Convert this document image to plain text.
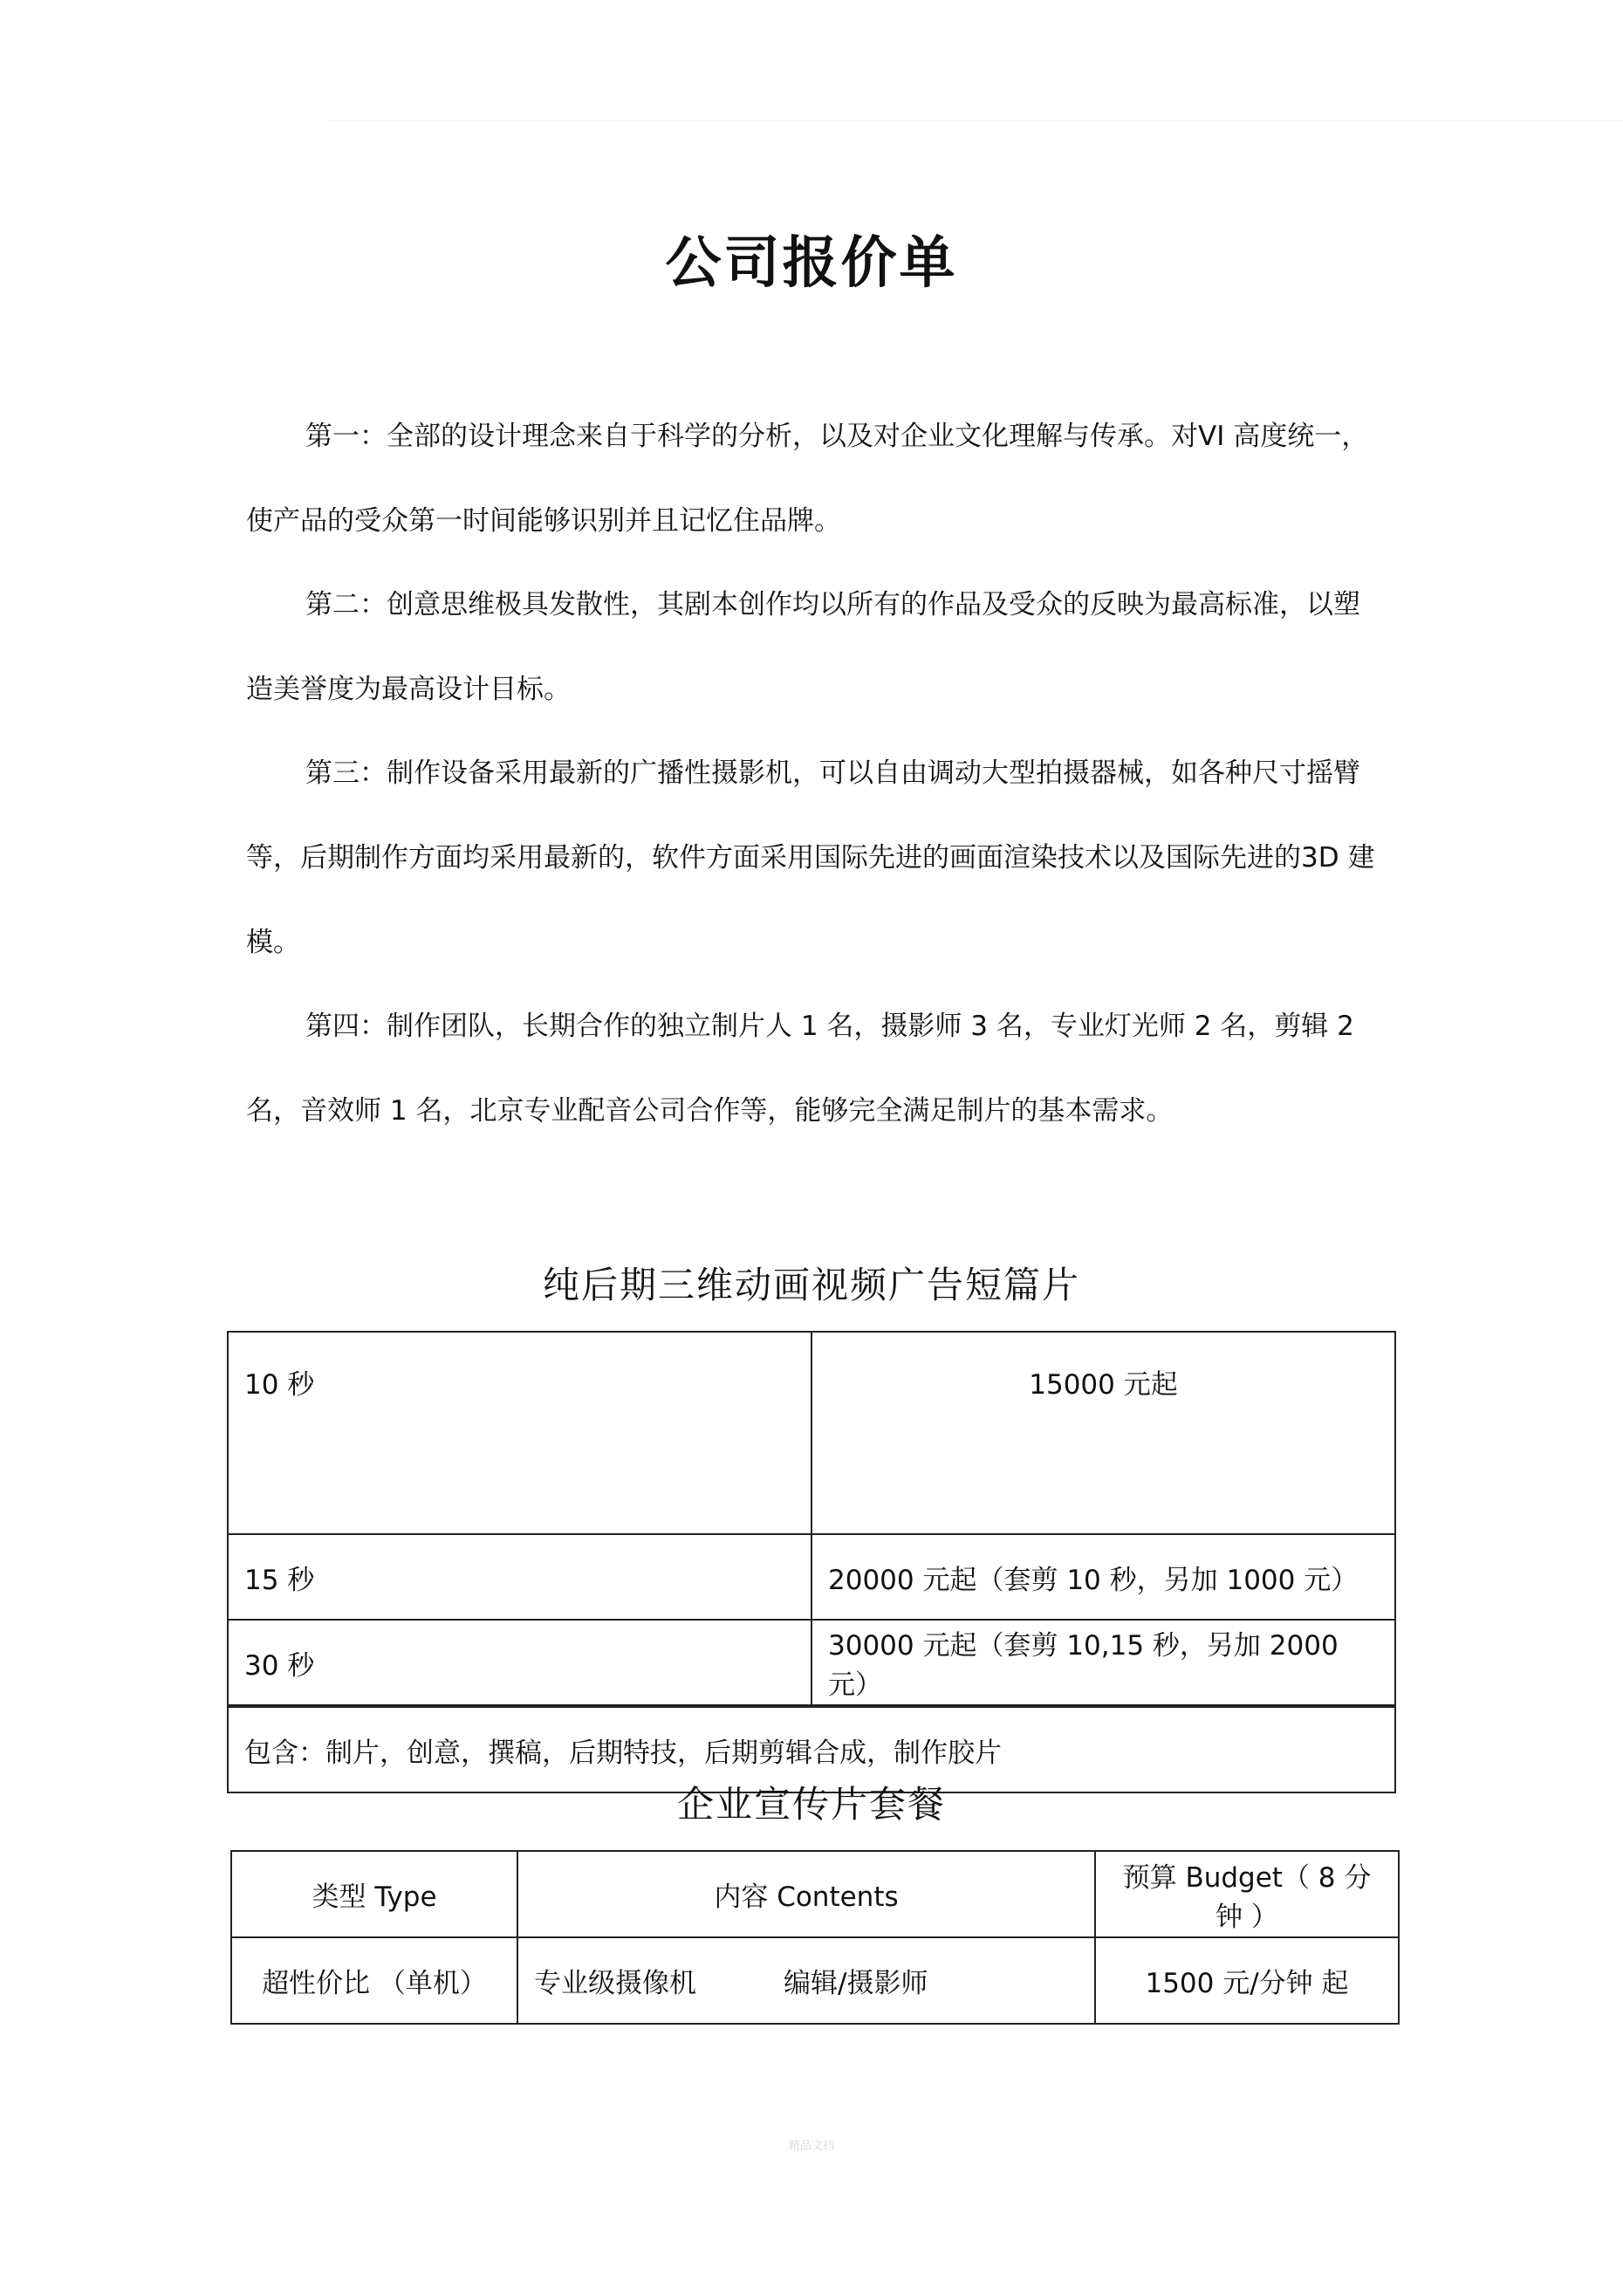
公司报价单

第一：全部的设计理念来自于科学的分析，以及对企业文化理解与传承。对VI 高度统一，使产品的受众第一时间能够识别并且记忆住品牌。

第二：创意思维极具发散性，其剧本创作均以所有的作品及受众的反映为最高标准，以塑造美誉度为最高设计目标。

第三：制作设备采用最新的广播性摄影机，可以自由调动大型拍摄器械，如各种尺寸摇臂等，后期制作方面均采用最新的，软件方面采用国际先进的画面渲染技术以及国际先进的3D 建模。

第四：制作团队，长期合作的独立制片人 1 名，摄影师 3 名，专业灯光师 2 名，剪辑 2 名，音效师 1 名，北京专业配音公司合作等，能够完全满足制片的基本需求。

纯后期三维动画视频广告短篇片
10 秒	15000 元起
15 秒	20000 元起（套剪 10 秒，另加 1000 元）
30 秒	30000 元起（套剪 10,15 秒，另加 2000 元）
包含：制片，创意，撰稿，后期特技，后期剪辑合成，制作胶片	
企业宣传片套餐
类型 Type	内容 Contents	预算 Budget（ 8 分钟 ）
超性价比 （单机）	专业级摄像机 编辑/摄影师	1500 元/分钟 起
精品文档
